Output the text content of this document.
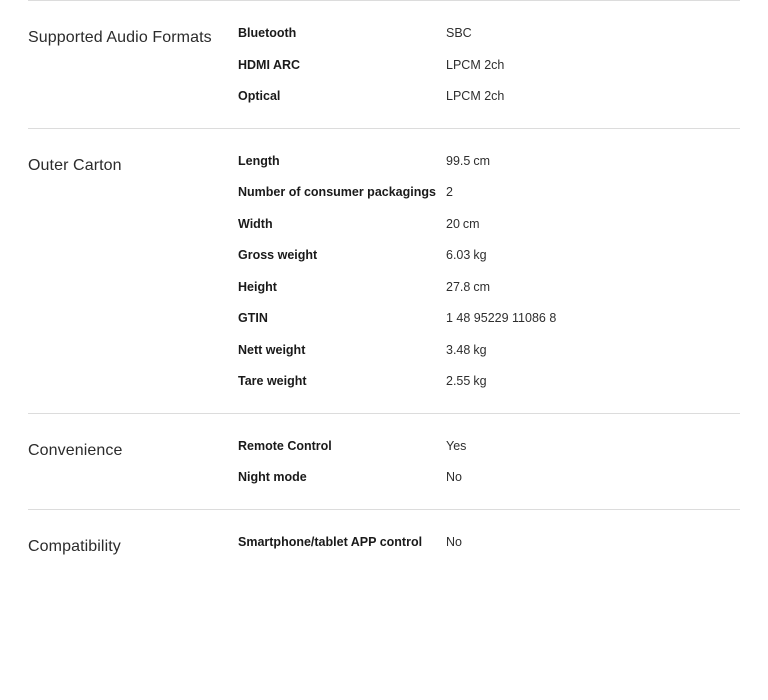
Supported Audio Formats	Bluetooth	SBC
HDMI ARC	LPCM 2ch
Optical	LPCM 2ch
Outer Carton	Length	99.5 cm
Number of consumer packagings 2
Width	20 cm
Gross weight	6.03 kg
Height	27.8 cm
GTIN	1 48 95229 11086 8
Nett weight	3.48 kg
Tare weight	2.55 kg
Convenience	Remote Control	Yes
Night mode	No
Compatibility	Smartphone/tablet APP control	No
